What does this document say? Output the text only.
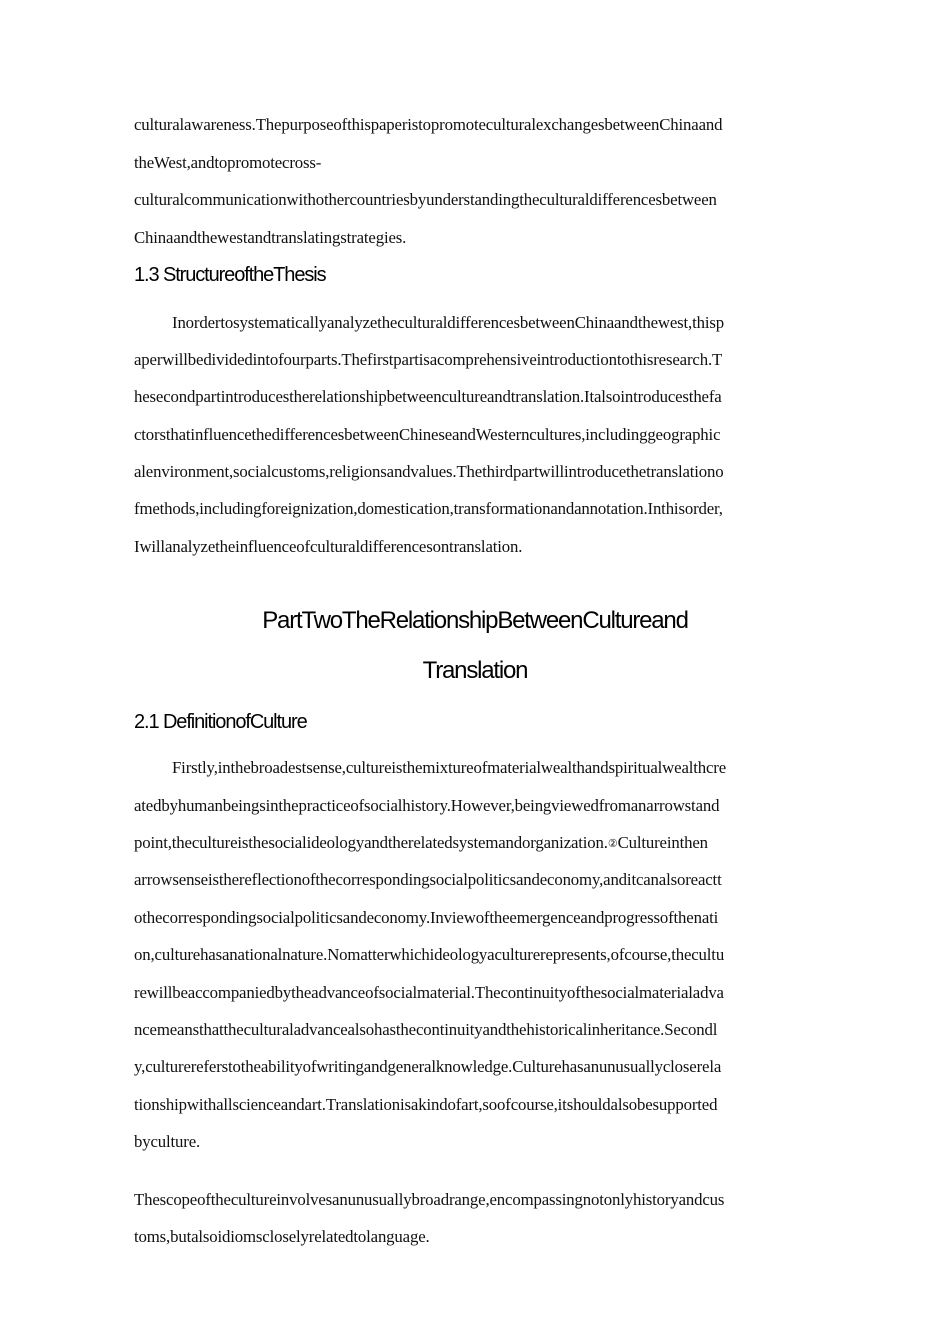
culturalawareness.ThepurposeofthispaperistopromoteculturalexchangesbetweenChinaand
theWest,andtopromotecross-
culturalcommunicationwithothercountriesbyunderstandingtheculturaldifferencesbetween
Chinaandthewestandtranslatingstrategies.
1.3 StructureoftheThesis
InordertosystematicallyanalyzetheculturaldifferencesbetweenChinaandthewest,thisp
aperwillbedividedintofourparts.Thefirstpartisacomprehensiveintroductiontothisresearch.T
hesecondpartintroducestherelationshipbetweencultureandtranslation.Italsointroducesthefa
ctorsthatinfluencethedifferencesbetweenChineseandWesterncultures,includinggeographic
alenvironment,socialcustoms,religionsandvalues.Thethirdpartwillintroducethetranslationo
fmethods,includingforeignization,domestication,transformationandannotation.Inthisorder,
Iwillanalyzetheinfluenceofculturaldifferencesontranslation.
PartTwoTheRelationshipBetweenCultureand
Translation
2.1 DefinitionofCulture
Firstly,inthebroadestsense,cultureisthemixtureofmaterialwealthandspiritualwealthcre
atedbyhumanbeingsinthepracticeofsocialhistory.However,beingviewedfromanarrowstand
point,thecultureisthesocialideologyandtherelatedsystemandorganization.②Cultureinthen
arrowsenseisthereflectionofthecorrespondingsocialpoliticsandeconomy,anditcanalsoreactt
othecorrespondingsocialpoliticsandeconomy.Inviewoftheemergenceandprogressofthenati
on,culturehasanationalnature.Nomatterwhichideologyaculturerepresents,ofcourse,thecultu
rewillbeaccompaniedbytheadvanceofsocialmaterial.Thecontinuityofthesocialmaterialadva
ncemeansthattheculturaladvancealsohasthecontinuityandthehistoricalinheritance.Secondl
y,culturereferstotheabilityofwritingandgeneralknowledge.Culturehasanunusuallycloserela
tionshipwithallscienceandart.Translationisakindofart,soofcourse,itshouldalsobesupported
byculture.
Thescopeofthecultureinvolvesanunusuallybroadrange,encompassingnotonlyhistoryandcus
toms,butalsoidiomscloselyrelatedtolanguage.
